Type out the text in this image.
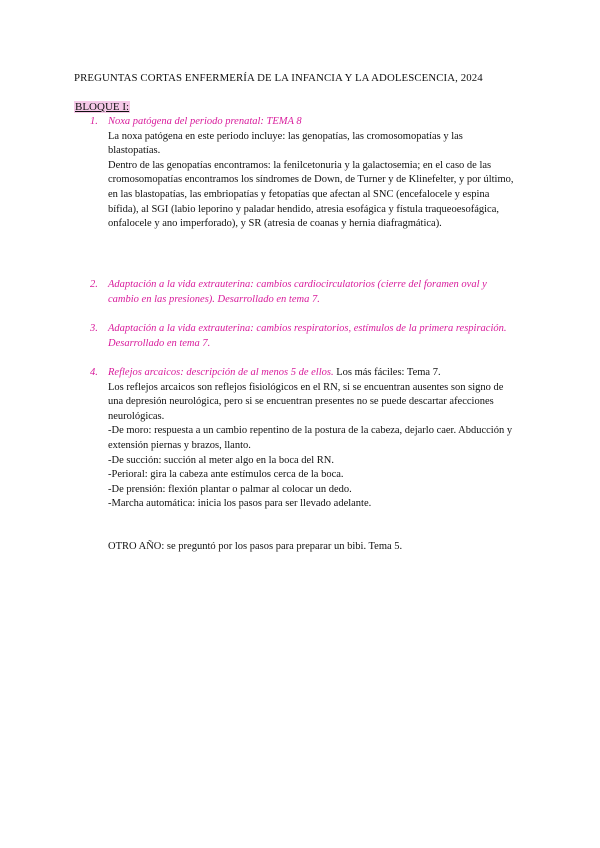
PREGUNTAS CORTAS ENFERMERÍA DE LA INFANCIA Y LA ADOLESCENCIA, 2024
BLOQUE I:
1. Noxa patógena del periodo prenatal: TEMA 8
La noxa patógena en este periodo incluye: las genopatías, las cromosomopatías y las blastopatías.
Dentro de las genopatías encontramos: la fenilcetonuria y la galactosemia; en el caso de las cromosomopatías encontramos los síndromes de Down, de Turner y de Klinefelter, y por último, en las blastopatías, las embriopatías y fetopatías que afectan al SNC (encefalocele y espina bífida), al SGI (labio leporino y paladar hendido, atresia esofágica y fístula traqueoesofágica, onfalocele y ano imperforado), y SR (atresia de coanas y hernia diafragmática).
2. Adaptación a la vida extrauterina: cambios cardiocirculatorios (cierre del foramen oval y cambio en las presiones). Desarrollado en tema 7.
3. Adaptación a la vida extrauterina: cambios respiratorios, estímulos de la primera respiración. Desarrollado en tema 7.
4. Reflejos arcaicos: descripción de al menos 5 de ellos. Los más fáciles: Tema 7.
Los reflejos arcaicos son reflejos fisiológicos en el RN, si se encuentran ausentes son signo de una depresión neurológica, pero si se encuentran presentes no se puede descartar afecciones neurológicas.
-De moro: respuesta a un cambio repentino de la postura de la cabeza, dejarlo caer. Abducción y extensión piernas y brazos, llanto.
-De succión: succión al meter algo en la boca del RN.
-Perioral: gira la cabeza ante estímulos cerca de la boca.
-De prensión: flexión plantar o palmar al colocar un dedo.
-Marcha automática: inicia los pasos para ser llevado adelante.
OTRO AÑO: se preguntó por los pasos para preparar un bibi. Tema 5.
